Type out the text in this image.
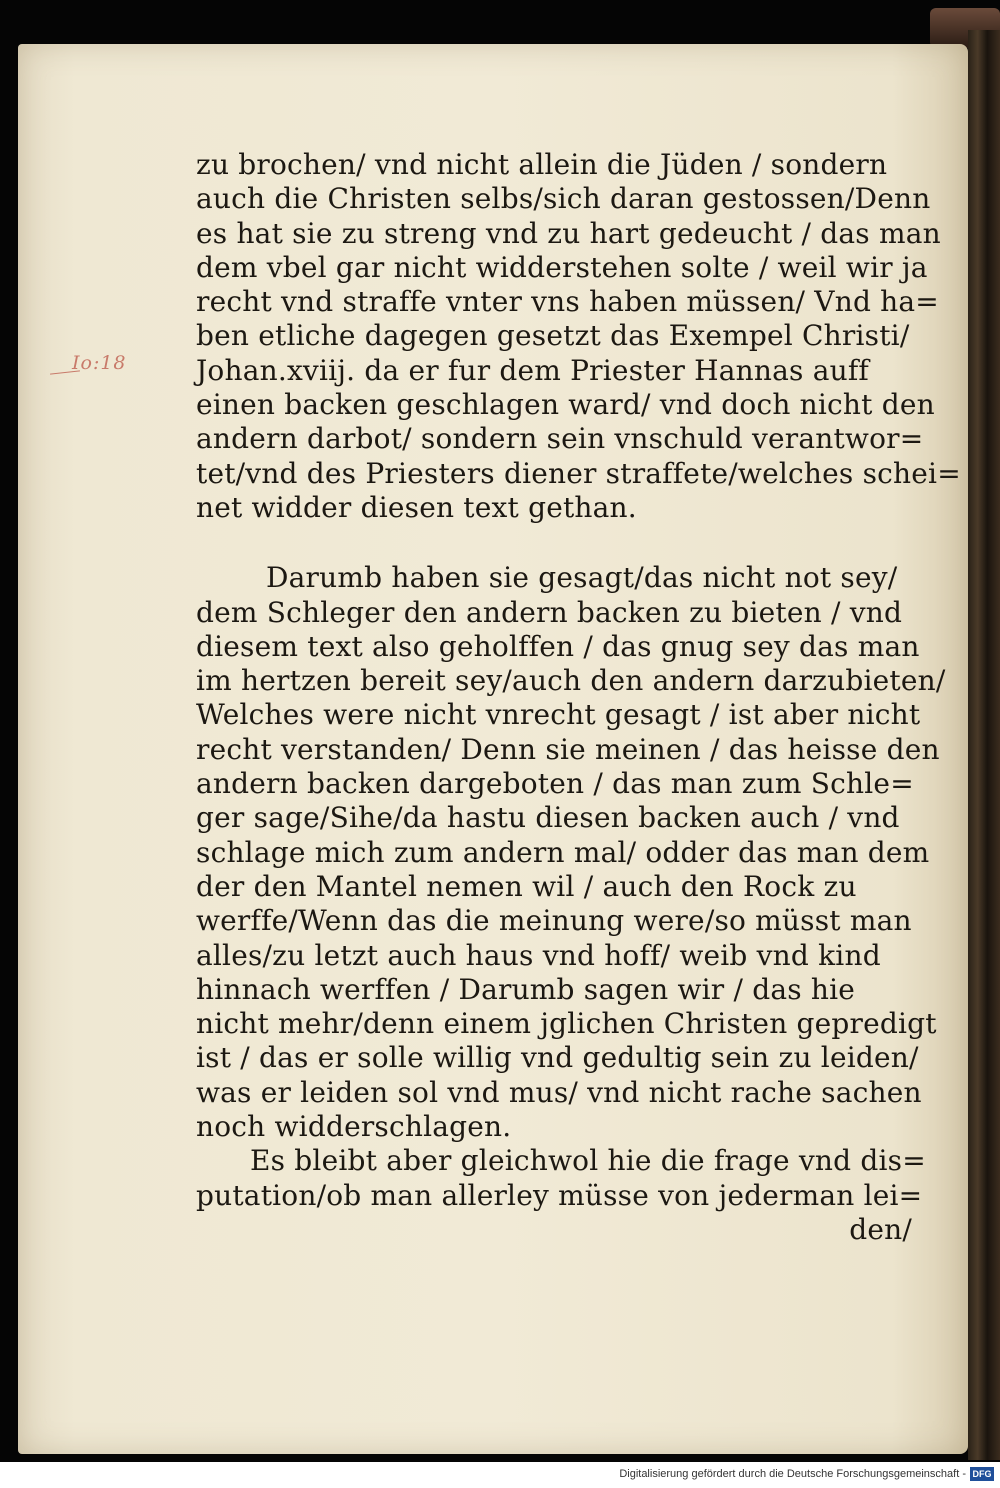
Io:18
zu brochen/ vnd nicht allein die Jüden / sondern
auch die Christen selbs/sich daran gestossen/Denn
es hat sie zu streng vnd zu hart gedeucht / das man
dem vbel gar nicht widderstehen solte / weil wir ja
recht vnd straffe vnter vns haben müssen/ Vnd ha=
ben etliche dagegen gesetzt das Exempel Christi/
Johan.xviij. da er fur dem Priester Hannas auff
einen backen geschlagen ward/ vnd doch nicht den
andern darbot/ sondern sein vnschuld verantwor=
tet/vnd des Priesters diener straffete/welches schei=
net widder diesen text gethan.
Darumb haben sie gesagt/das nicht not sey/
dem Schleger den andern backen zu bieten / vnd
diesem text also geholffen / das gnug sey das man
im hertzen bereit sey/auch den andern darzubieten/
Welches were nicht vnrecht gesagt / ist aber nicht
recht verstanden/ Denn sie meinen / das heisse den
andern backen dargeboten / das man zum Schle=
ger sage/Sihe/da hastu diesen backen auch / vnd
schlage mich zum andern mal/ odder das man dem
der den Mantel nemen wil / auch den Rock zu
werffe/Wenn das die meinung were/so müsst man
alles/zu letzt auch haus vnd hoff/ weib vnd kind
hinnach werffen / Darumb sagen wir / das hie
nicht mehr/denn einem jglichen Christen gepredigt
ist / das er solle willig vnd gedultig sein zu leiden/
was er leiden sol vnd mus/ vnd nicht rache sachen
noch widderschlagen.
Es bleibt aber gleichwol hie die frage vnd dis=
putation/ob man allerley müsse von jederman lei=
den/
Digitalisierung gefördert durch die Deutsche Forschungsgemeinschaft - DFG
